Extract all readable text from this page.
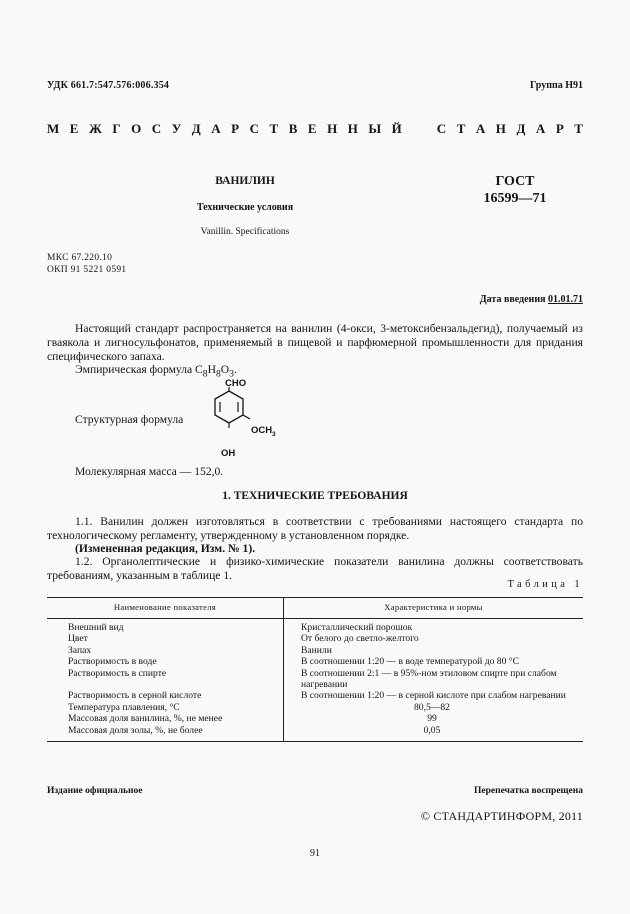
УДК 661.7:547.576:006.354	Группа Н91
М Е Ж Г О С У Д А Р С Т В Е Н Н Ы Й	С Т А Н Д А Р Т
ВАНИЛИН
Технические условия
Vanillin. Specifications
ГОСТ
16599—71
МКС 67.220.10
ОКП 91 5221 0591
Дата введения 01.01.71
Настоящий стандарт распространяется на ванилин (4-окси, 3-метоксибензальдегид), получаемый из гваякола и лигносульфонатов, применяемый в пищевой и парфюмерной промышленности для придания специфического запаха.
Эмпирическая формула $C_8H_8O_3$.
Структурная формула
CHO
OCH 3
OH
Молекулярная масса — 152,0.
1. ТЕХНИЧЕСКИЕ ТРЕБОВАНИЯ
1.1. Ванилин должен изготовляться в соответствии с требованиями настоящего стандарта по технологическому регламенту, утвержденному в установленном порядке.
(Измененная редакция, Изм. № 1).
1.2. Органолептические и физико-химические показатели ванилина должны соответствовать требованиям, указанным в таблице 1.
Таблица 1
Наименование показателя	Характеристика и нормы
Внешний вид	Кристаллический порошок
Цвет	От белого до светло-желтого
Запах	Ванили
Растворимость в воде	В соотношении 1:20 — в воде температурой до 80 °С
Растворимость в спирте	В соотношении 2:1 — в 95%-ном этиловом спирте при слабом нагревании
Растворимость в серной кислоте	В соотношении 1:20 — в серной кислоте при слабом нагревании
Температура плавления, °С	80,5—82
Массовая доля ванилина, %, не менее	99
Массовая доля золы, %, не более	0,05
Издание официальное	Перепечатка воспрещена
© СТАНДАРТИНФОРМ, 2011
91
